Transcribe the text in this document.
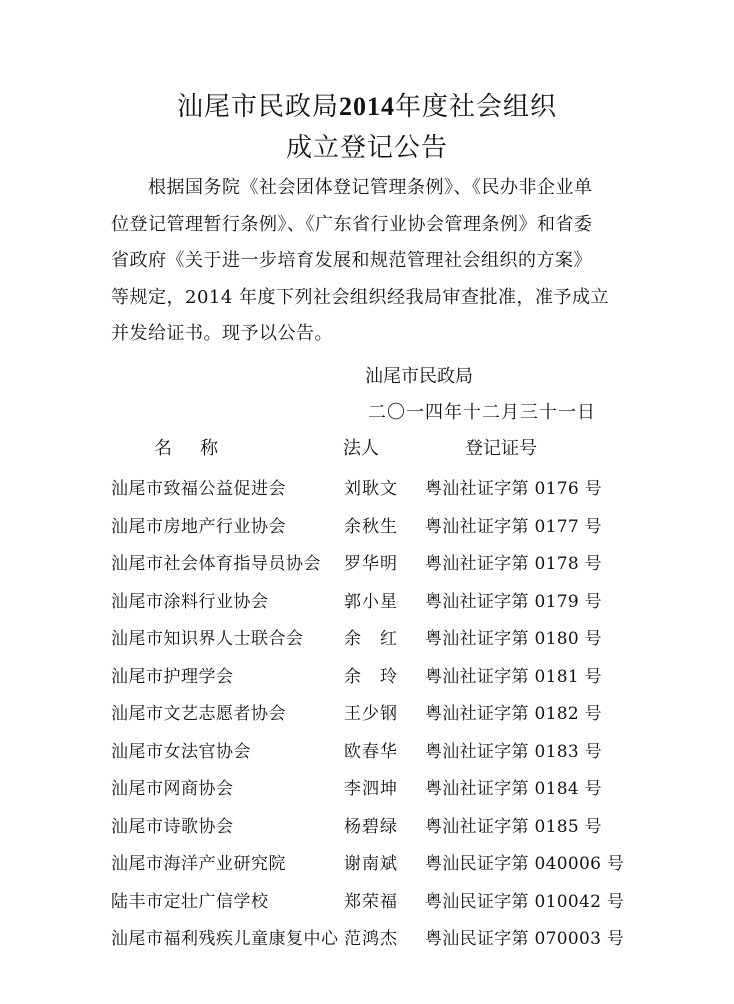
汕尾市民政局2014年度社会组织
成立登记公告
　　根据国务院《社会团体登记管理条例》、《民办非企业单
位登记管理暂行条例》、《广东省行业协会管理条例》和省委
省政府《关于进一步培育发展和规范管理社会组织的方案》
等规定，2014 年度下列社会组织经我局审查批准，准予成立
并发给证书。现予以公告。
汕尾市民政局
二〇一四年十二月三十一日
名称	法人	登记证号
汕尾市致福公益促进会	刘耿文 粤汕社证字第 0176 号
汕尾市房地产行业协会	余秋生 粤汕社证字第 0177 号
汕尾市社会体育指导员协会 罗华明 粤汕社证字第 0178 号
汕尾市涂料行业协会	郭小星 粤汕社证字第 0179 号
汕尾市知识界人士联合会 余　红 粤汕社证字第 0180 号
汕尾市护理学会	余　玲 粤汕社证字第 0181 号
汕尾市文艺志愿者协会	王少钢 粤汕社证字第 0182 号
汕尾市女法官协会	欧春华 粤汕社证字第 0183 号
汕尾市网商协会	李泗坤 粤汕社证字第 0184 号
汕尾市诗歌协会	杨碧绿 粤汕社证字第 0185 号
汕尾市海洋产业研究院	谢南斌 粤汕民证字第 040006 号
陆丰市定壮广信学校	郑荣福 粤汕民证字第 010042 号
汕尾市福利残疾儿童康复中心 范鸿杰 粤汕民证字第 070003 号
